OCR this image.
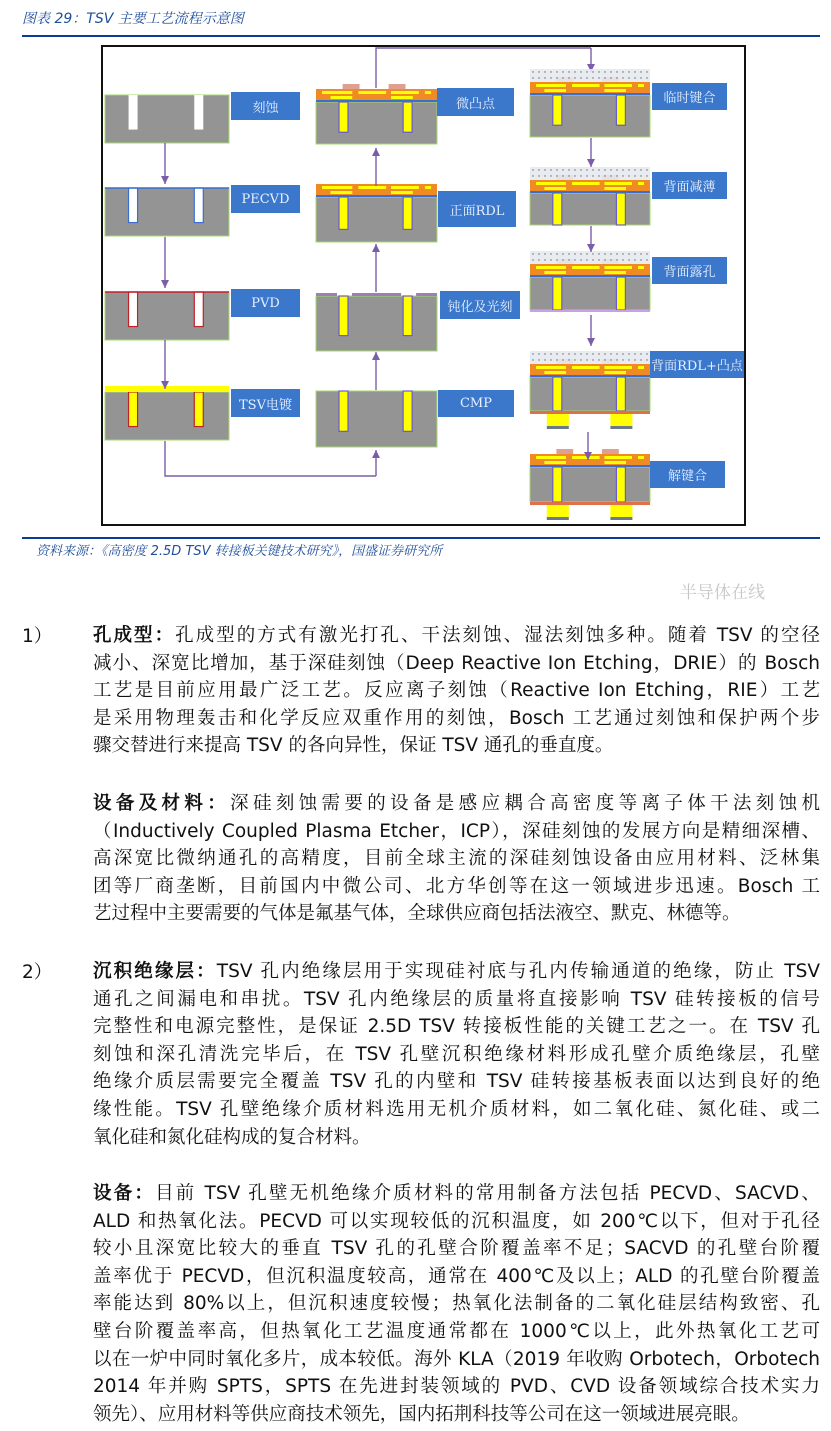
图表 29：TSV 主要工艺流程示意图
刻蚀
PECVD
PVD
TSV电镀	CMP
钝化及光刻
正面RDL
微凸点	临时键合
背面减薄
背面露孔
背面RDL+凸点
解键合
资料来源：《高密度 2.5D TSV 转接板关键技术研究》，国盛证券研究所
1） 孔成型：孔成型的方式有激光打孔、干法刻蚀、湿法刻蚀多种。随着 TSV 的空径
减小、深宽比增加，基于深硅刻蚀（Deep Reactive Ion Etching，DRIE）的 Bosch
工艺是目前应用最广泛工艺。反应离子刻蚀（Reactive Ion Etching，RIE）工艺
是采用物理轰击和化学反应双重作用的刻蚀，Bosch 工艺通过刻蚀和保护两个步
骤交替进行来提高 TSV 的各向异性，保证 TSV 通孔的垂直度。
设备及材料：深硅刻蚀需要的设备是感应耦合高密度等离子体干法刻蚀机
（Inductively Coupled Plasma Etcher，ICP），深硅刻蚀的发展方向是精细深槽、
高深宽比微纳通孔的高精度，目前全球主流的深硅刻蚀设备由应用材料、泛林集
团等厂商垄断，目前国内中微公司、北方华创等在这一领域进步迅速。Bosch 工
艺过程中主要需要的气体是氟基气体，全球供应商包括法液空、默克、林德等。
2） 沉积绝缘层：TSV 孔内绝缘层用于实现硅衬底与孔内传输通道的绝缘，防止 TSV
通孔之间漏电和串扰。TSV 孔内绝缘层的质量将直接影响 TSV 硅转接板的信号
完整性和电源完整性，是保证 2.5D TSV 转接板性能的关键工艺之一。在 TSV 孔
刻蚀和深孔清洗完毕后，在 TSV 孔壁沉积绝缘材料形成孔壁介质绝缘层，孔壁
绝缘介质层需要完全覆盖 TSV 孔的内壁和 TSV 硅转接基板表面以达到良好的绝
缘性能。TSV 孔壁绝缘介质材料选用无机介质材料，如二氧化硅、氮化硅、或二
氧化硅和氮化硅构成的复合材料。
设备：目前 TSV 孔壁无机绝缘介质材料的常用制备方法包括 PECVD、SACVD、
ALD 和热氧化法。PECVD 可以实现较低的沉积温度，如 200℃以下，但对于孔径
较小且深宽比较大的垂直 TSV 孔的孔壁合阶覆盖率不足；SACVD 的孔壁台阶覆
盖率优于 PECVD，但沉积温度较高，通常在 400℃及以上；ALD 的孔壁台阶覆盖
率能达到 80%以上，但沉积速度较慢；热氧化法制备的二氧化硅层结构致密、孔
壁台阶覆盖率高，但热氧化工艺温度通常都在 1000℃以上，此外热氧化工艺可
以在一炉中同时氧化多片，成本较低。海外 KLA（2019 年收购 Orbotech，Orbotech
2014 年并购 SPTS，SPTS 在先进封装领域的 PVD、CVD 设备领域综合技术实力
领先）、应用材料等供应商技术领先，国内拓荆科技等公司在这一领域进展亮眼。
半导体在线
